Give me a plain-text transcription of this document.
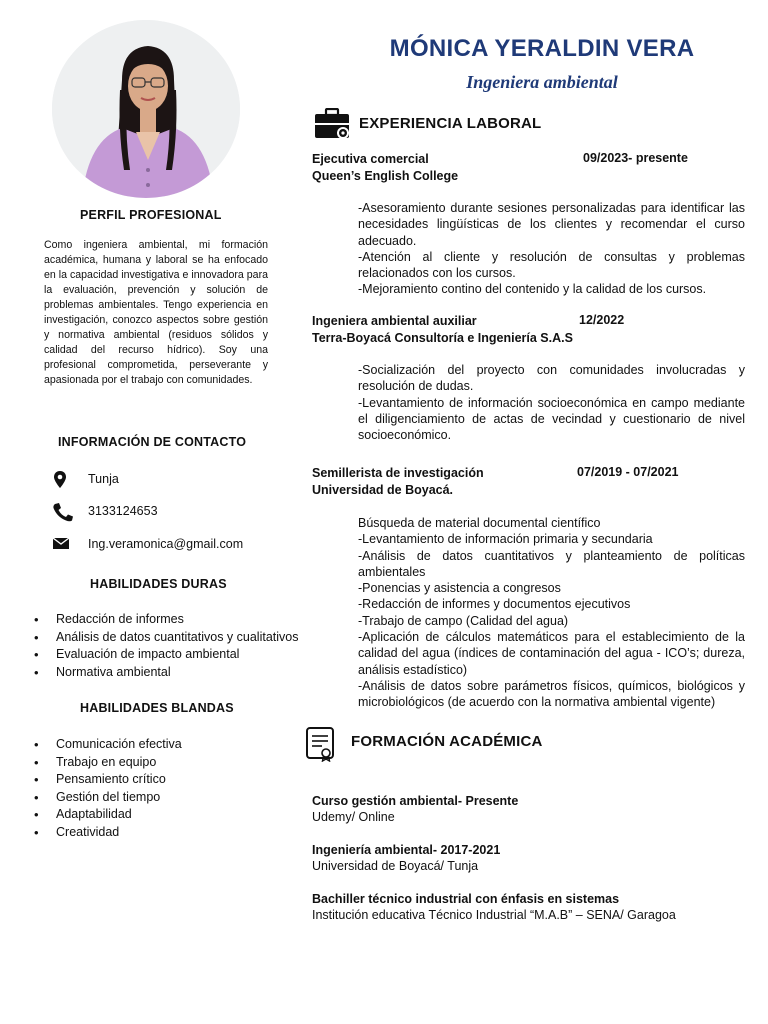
PERFIL PROFESIONAL
Como ingeniera ambiental, mi formación académica, humana y laboral se ha enfocado en la capacidad investigativa e innovadora para la evaluación, prevención y solución de problemas ambientales. Tengo experiencia en investigación, conozco aspectos sobre gestión y normativa ambiental (residuos sólidos y calidad del recurso hídrico). Soy una profesional comprometida, perseverante y apasionada por el trabajo con comunidades.
INFORMACIÓN DE CONTACTO
Tunja
3133124653
Ing.veramonica@gmail.com
HABILIDADES DURAS
• Redacción de informes
• Análisis de datos cuantitativos y cualitativos
• Evaluación de impacto ambiental
• Normativa ambiental
HABILIDADES BLANDAS
• Comunicación efectiva
• Trabajo en equipo
• Pensamiento crítico
• Gestión del tiempo
• Adaptabilidad
• Creatividad
MÓNICA YERALDIN VERA
Ingeniera ambiental
EXPERIENCIA LABORAL
Ejecutiva comercial
Queen’s English College
09/2023- presente
-Asesoramiento durante sesiones personalizadas para identificar las necesidades lingüísticas de los clientes y recomendar el curso adecuado.
-Atención al cliente y resolución de consultas y problemas relacionados con los cursos.
-Mejoramiento contino del contenido y la calidad de los cursos.
Ingeniera ambiental auxiliar
Terra-Boyacá Consultoría e Ingeniería S.A.S
12/2022
-Socialización del proyecto con comunidades involucradas y resolución de dudas.
-Levantamiento de información socioeconómica en campo mediante el diligenciamiento de actas de vecindad y cuestionario de nivel socioeconómico.
Semillerista de investigación
Universidad de Boyacá.
07/2019 - 07/2021
Búsqueda de material documental científico
-Levantamiento de información primaria y secundaria
-Análisis de datos cuantitativos y planteamiento de políticas ambientales
-Ponencias y asistencia a congresos
-Redacción de informes y documentos ejecutivos
-Trabajo de campo (Calidad del agua)
-Aplicación de cálculos matemáticos para el establecimiento de la calidad del agua (índices de contaminación del agua - ICO’s; dureza, análisis estadístico)
-Análisis de datos sobre parámetros físicos, químicos, biológicos y microbiológicos (de acuerdo con la normativa ambiental vigente)
FORMACIÓN ACADÉMICA
Curso gestión ambiental- Presente
Udemy/ Online
Ingeniería ambiental- 2017-2021
Universidad de Boyacá/ Tunja
Bachiller técnico industrial con énfasis en sistemas
Institución educativa Técnico Industrial “M.A.B” – SENA/ Garagoa
